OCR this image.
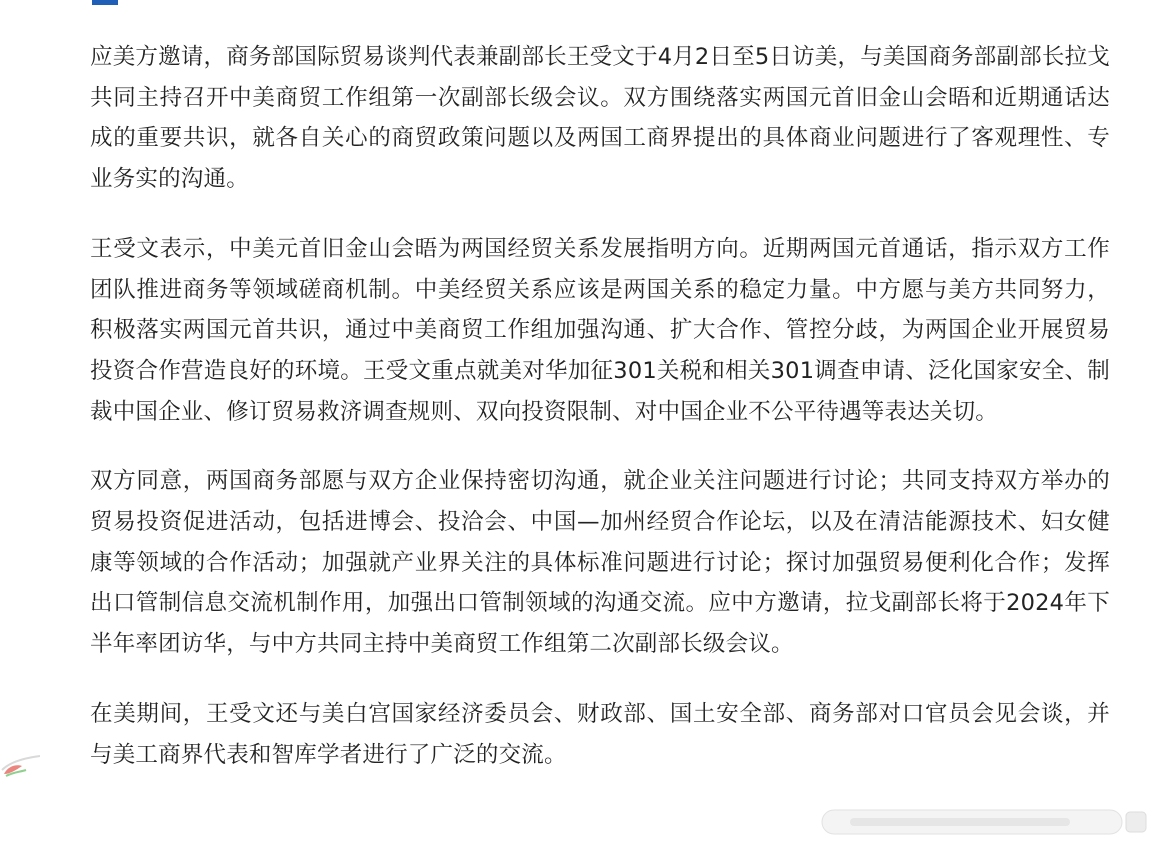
应美方邀请，商务部国际贸易谈判代表兼副部长王受文于4月2日至5日访美，与美国商务部副部长拉戈共同主持召开中美商贸工作组第一次副部长级会议。双方围绕落实两国元首旧金山会晤和近期通话达成的重要共识，就各自关心的商贸政策问题以及两国工商界提出的具体商业问题进行了客观理性、专业务实的沟通。

王受文表示，中美元首旧金山会晤为两国经贸关系发展指明方向。近期两国元首通话，指示双方工作团队推进商务等领域磋商机制。中美经贸关系应该是两国关系的稳定力量。中方愿与美方共同努力，积极落实两国元首共识，通过中美商贸工作组加强沟通、扩大合作、管控分歧，为两国企业开展贸易投资合作营造良好的环境。王受文重点就美对华加征301关税和相关301调查申请、泛化国家安全、制裁中国企业、修订贸易救济调查规则、双向投资限制、对中国企业不公平待遇等表达关切。

双方同意，两国商务部愿与双方企业保持密切沟通，就企业关注问题进行讨论；共同支持双方举办的贸易投资促进活动，包括进博会、投洽会、中国—加州经贸合作论坛，以及在清洁能源技术、妇女健康等领域的合作活动；加强就产业界关注的具体标准问题进行讨论；探讨加强贸易便利化合作；发挥出口管制信息交流机制作用，加强出口管制领域的沟通交流。应中方邀请，拉戈副部长将于2024年下半年率团访华，与中方共同主持中美商贸工作组第二次副部长级会议。

在美期间，王受文还与美白宫国家经济委员会、财政部、国土安全部、商务部对口官员会见会谈，并与美工商界代表和智库学者进行了广泛的交流。
